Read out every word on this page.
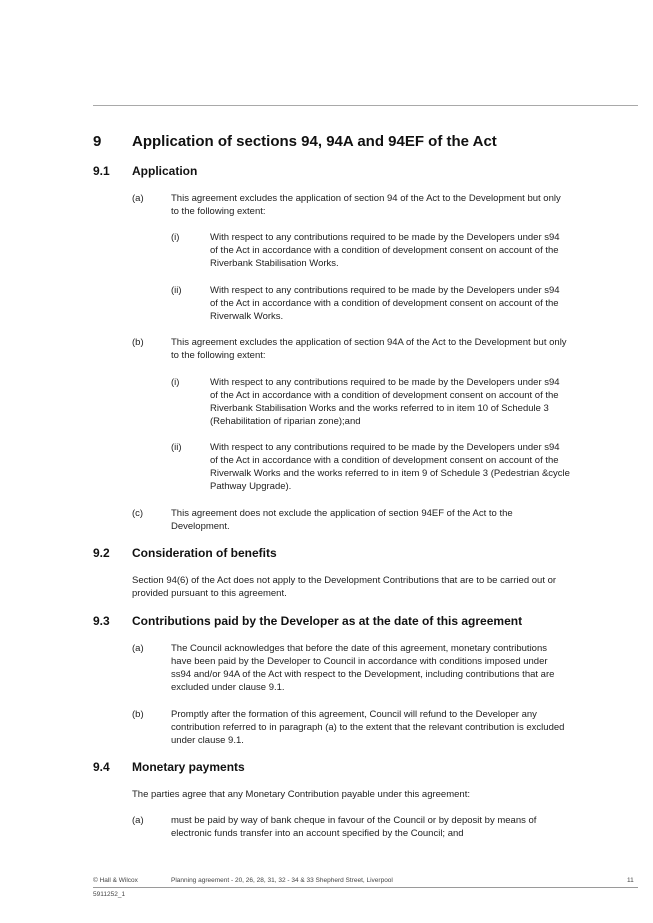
9 Application of sections 94, 94A and 94EF of the Act
9.1 Application
(a)	This agreement excludes the application of section 94 of the Act to the Development but only to the following extent:
(i)	With respect to any contributions required to be made by the Developers under s94 of the Act in accordance with a condition of development consent on account of the Riverbank Stabilisation Works.
(ii)	With respect to any contributions required to be made by the Developers under s94 of the Act in accordance with a condition of development consent on account of the Riverwalk Works.
(b)	This agreement excludes the application of section 94A of the Act to the Development but only to the following extent:
(i)	With respect to any contributions required to be made by the Developers under s94 of the Act in accordance with a condition of development consent on account of the Riverbank Stabilisation Works and the works referred to in item 10 of Schedule 3 (Rehabilitation of riparian zone);and
(ii)	With respect to any contributions required to be made by the Developers under s94 of the Act in accordance with a condition of development consent on account of the Riverwalk Works and the works referred to in item 9 of Schedule 3 (Pedestrian &cycle Pathway Upgrade).
(c)	This agreement does not exclude the application of section 94EF of the Act to the Development.
9.2 Consideration of benefits
Section 94(6) of the Act does not apply to the Development Contributions that are to be carried out or provided pursuant to this agreement.
9.3 Contributions paid by the Developer as at the date of this agreement
(a)	The Council acknowledges that before the date of this agreement, monetary contributions have been paid by the Developer to Council in accordance with conditions imposed under ss94 and/or 94A of the Act with respect to the Development, including contributions that are excluded under clause 9.1.
(b)	Promptly after the formation of this agreement, Council will refund to the Developer any contribution referred to in paragraph (a) to the extent that the relevant contribution is excluded under clause 9.1.
9.4 Monetary payments
The parties agree that any Monetary Contribution payable under this agreement:
(a)	must be paid by way of bank cheque in favour of the Council or by deposit by means of electronic funds transfer into an account specified by the Council; and
© Hall & Wilcox	Planning agreement - 20, 26, 28, 31, 32 - 34 & 33 Shepherd Street, Liverpool	11
5911252_1
